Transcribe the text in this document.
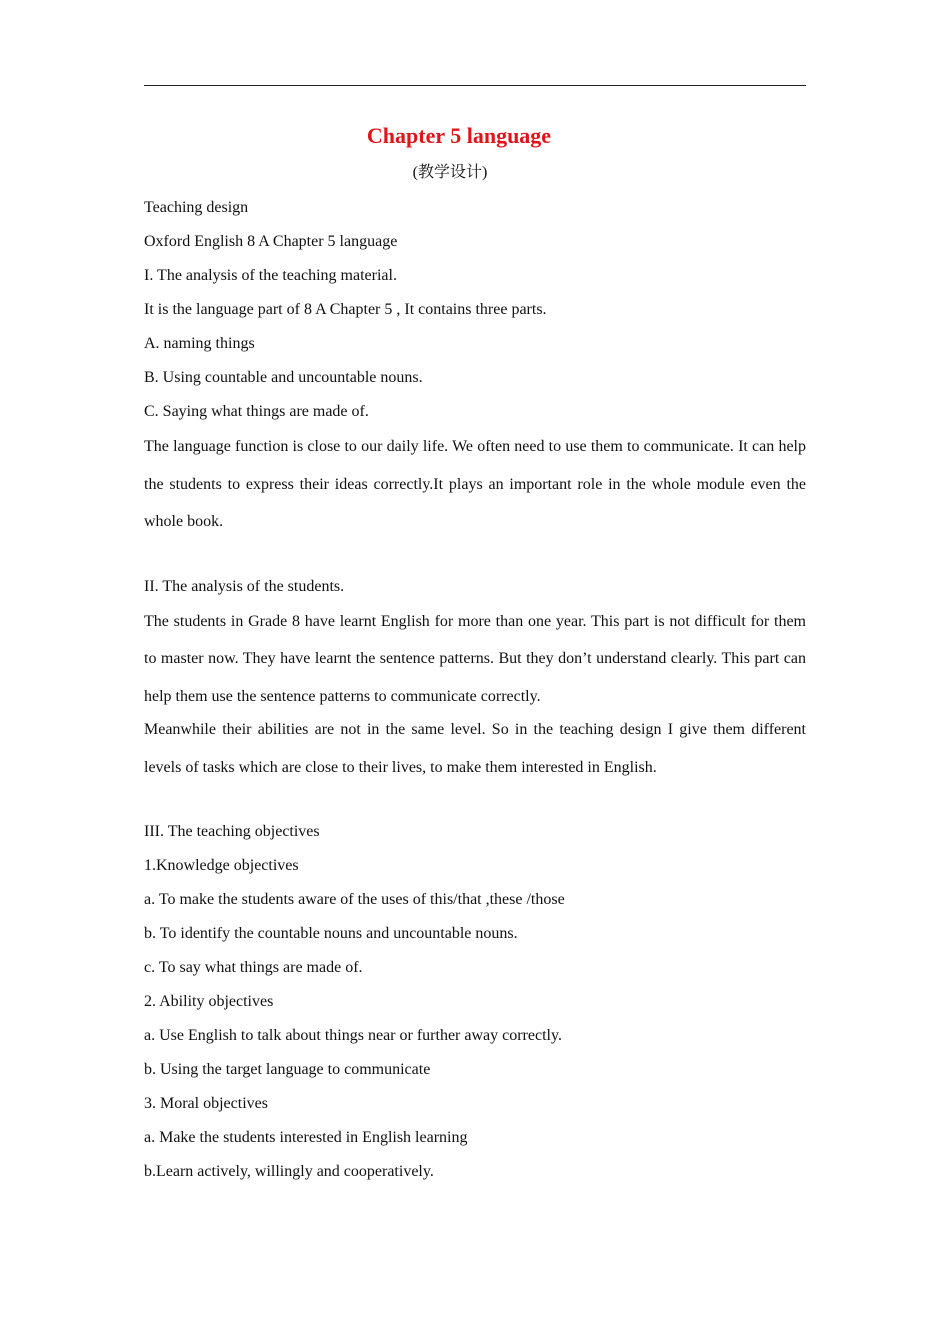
Chapter 5 language

(教学设计)

Teaching design

Oxford English 8 A Chapter 5 language

I. The analysis of the teaching material.

It is the language part of 8 A Chapter 5 , It contains three parts.

A. naming things

B. Using countable and uncountable nouns.

C. Saying what things are made of.

The language function is close to our daily life. We often need to use them to communicate. It can help the students to express their ideas correctly.It plays an important role in the whole module even the whole book.

II. The analysis of the students.

The students in Grade 8 have learnt English for more than one year. This part is not difficult for them to master now. They have learnt the sentence patterns. But they don’t understand clearly. This part can help them use the sentence patterns to communicate correctly.

Meanwhile their abilities are not in the same level. So in the teaching design I give them different levels of tasks which are close to their lives, to make them interested in English.

III. The teaching objectives

1.Knowledge objectives

a. To make the students aware of the uses of this/that ,these /those

b. To identify the countable nouns and uncountable nouns.

c. To say what things are made of.

2. Ability objectives

a. Use English to talk about things near or further away correctly.

b. Using the target language to communicate

3. Moral objectives

a. Make the students interested in English learning

b.Learn actively, willingly and cooperatively.
